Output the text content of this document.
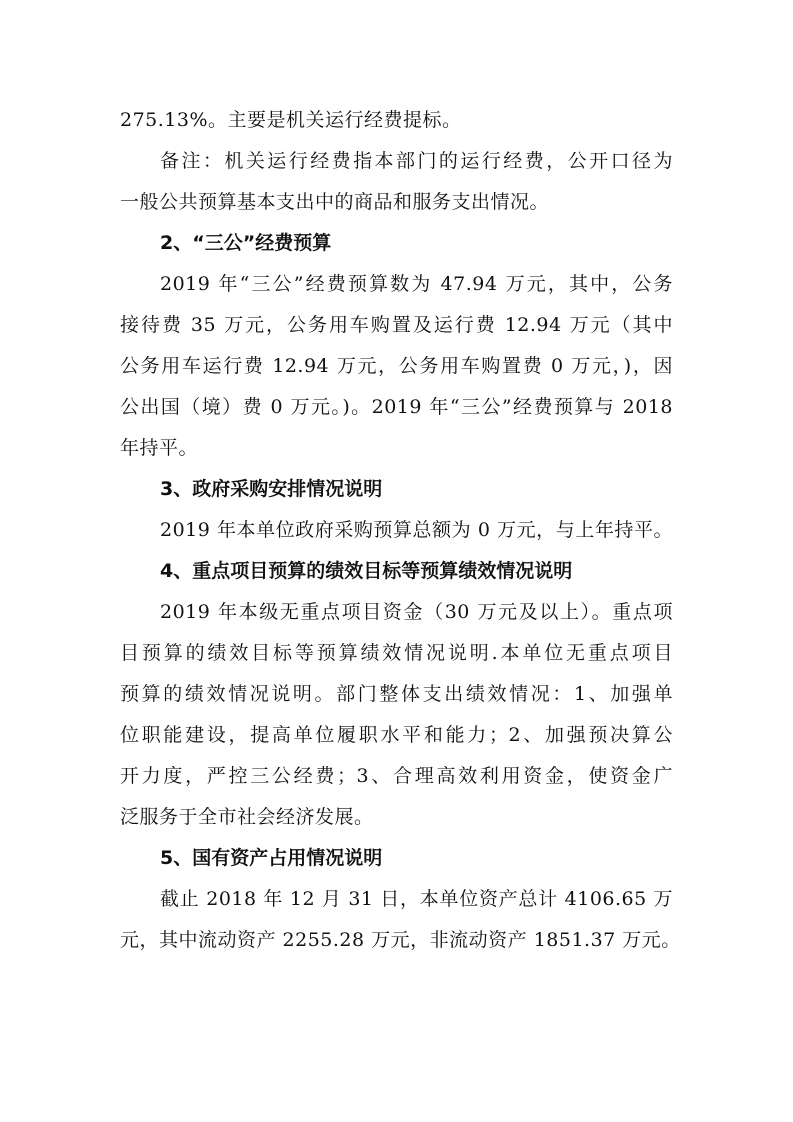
275.13%。主要是机关运行经费提标。
备注：机关运行经费指本部门的运行经费，公开口径为
一般公共预算基本支出中的商品和服务支出情况。
2、“三公”经费预算
2019 年“三公”经费预算数为 47.94 万元，其中，公务
接待费 35 万元，公务用车购置及运行费 12.94 万元（其中
公务用车运行费 12.94 万元，公务用车购置费 0 万元，)，因
公出国（境）费 0 万元。)。2019 年“三公”经费预算与 2018
年持平。
3、政府采购安排情况说明
2019 年本单位政府采购预算总额为 0 万元，与上年持平。
4、重点项目预算的绩效目标等预算绩效情况说明
2019 年本级无重点项目资金（30 万元及以上）。重点项
目预算的绩效目标等预算绩效情况说明.本单位无重点项目
预算的绩效情况说明。部门整体支出绩效情况：1、加强单
位职能建设，提高单位履职水平和能力；2、加强预决算公
开力度，严控三公经费；3、合理高效利用资金，使资金广
泛服务于全市社会经济发展。
5、国有资产占用情况说明
截止 2018 年 12 月 31 日，本单位资产总计 4106.65 万
元，其中流动资产 2255.28 万元，非流动资产 1851.37 万元。
